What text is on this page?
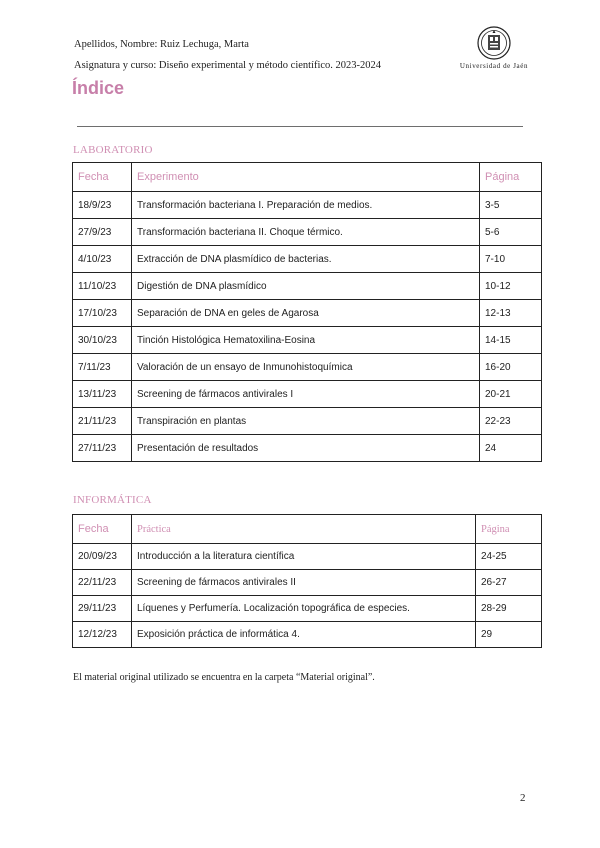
Apellidos, Nombre: Ruiz Lechuga, Marta
Asignatura y curso: Diseño experimental y método científico. 2023-2024	Universidad de Jaén
Índice
LABORATORIO
Fecha	Experimento	Página
18/9/23	Transformación bacteriana I. Preparación de medios.	3-5
27/9/23	Transformación bacteriana II. Choque térmico.	5-6
4/10/23	Extracción de DNA plasmídico de bacterias.	7-10
11/10/23	Digestión de DNA plasmídico	10-12
17/10/23	Separación de DNA en geles de Agarosa	12-13
30/10/23	Tinción Histológica Hematoxilina-Eosina	14-15
7/11/23	Valoración de un ensayo de Inmunohistoquímica	16-20
13/11/23	Screening de fármacos antivirales I	20-21
21/11/23	Transpiración en plantas	22-23
27/11/23	Presentación de resultados	24
INFORMÁTICA
Fecha	Práctica	Página
20/09/23	Introducción a la literatura científica	24-25
22/11/23	Screening de fármacos antivirales II	26-27
29/11/23	Líquenes y Perfumería. Localización topográfica de especies.	28-29
12/12/23	Exposición práctica de informática 4.	29
El material original utilizado se encuentra en la carpeta “Material original”.
2
